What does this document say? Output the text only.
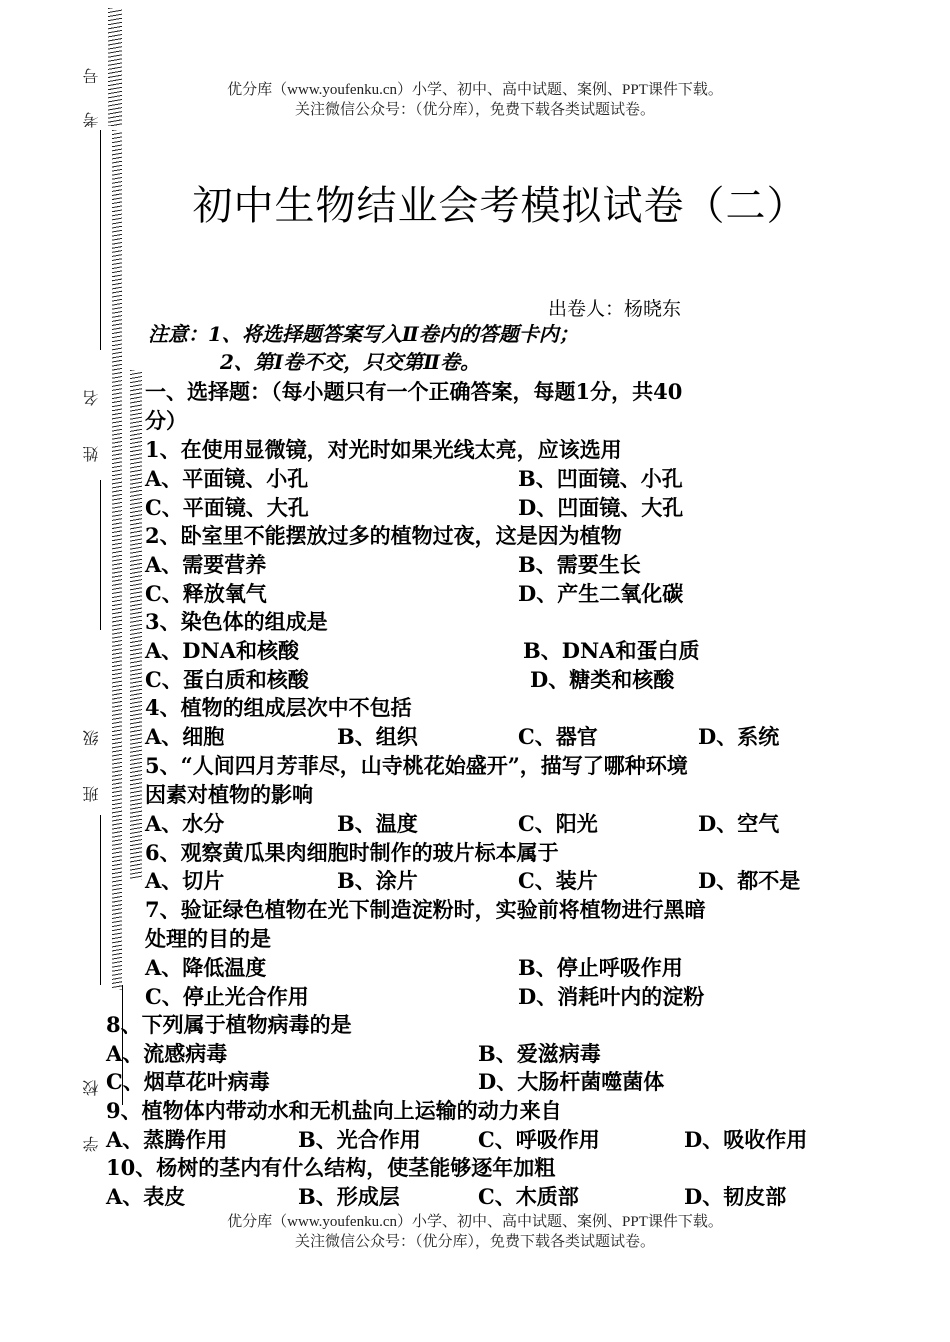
考号
姓名
班级
学校
优分库（www.youfenku.cn）小学、初中、高中试题、案例、PPT课件下载。
关注微信公众号：（优分库），免费下载各类试题试卷。
初中生物结业会考模拟试卷（二）
出卷人：杨晓东
注意：1、将选择题答案写入Ⅱ卷内的答题卡内；
2、第Ⅰ卷不交，只交第Ⅱ卷。
一、选择题：（每小题只有一个正确答案，每题1分，共40
分）
1、在使用显微镜，对光时如果光线太亮，应该选用
A、平面镜、小孔	B、凹面镜、小孔
C、平面镜、大孔	D、凹面镜、大孔
2、卧室里不能摆放过多的植物过夜，这是因为植物
A、需要营养	B、需要生长
C、释放氧气	D、产生二氧化碳
3、染色体的组成是
A、DNA和核酸	B、DNA和蛋白质
C、蛋白质和核酸	D、糖类和核酸
4、植物的组成层次中不包括
A、细胞	B、组织	C、器官	D、系统
5、“人间四月芳菲尽，山寺桃花始盛开”，描写了哪种环境
因素对植物的影响
A、水分	B、温度	C、阳光	D、空气
6、观察黄瓜果肉细胞时制作的玻片标本属于
A、切片	B、涂片	C、装片	D、都不是
7、验证绿色植物在光下制造淀粉时，实验前将植物进行黑暗
处理的目的是
A、降低温度	B、停止呼吸作用
C、停止光合作用	D、消耗叶内的淀粉
8、下列属于植物病毒的是
A、流感病毒	B、爱滋病毒
C、烟草花叶病毒	D、大肠杆菌噬菌体
9、植物体内带动水和无机盐向上运输的动力来自
A、蒸腾作用	B、光合作用	C、呼吸作用	D、吸收作用
10、杨树的茎内有什么结构，使茎能够逐年加粗
A、表皮	B、形成层	C、木质部	D、韧皮部
优分库（www.youfenku.cn）小学、初中、高中试题、案例、PPT课件下载。
关注微信公众号：（优分库），免费下载各类试题试卷。
